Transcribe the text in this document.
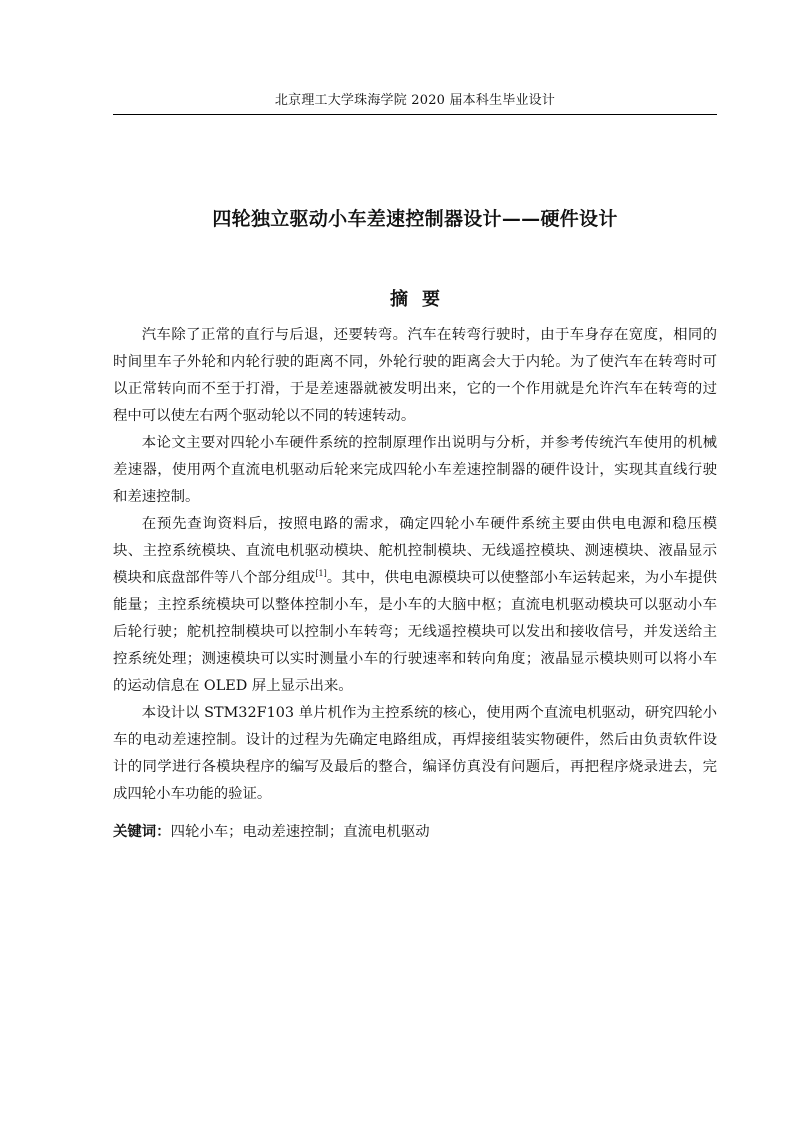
北京理工大学珠海学院 2020 届本科生毕业设计
四轮独立驱动小车差速控制器设计——硬件设计
摘要

汽车除了正常的直行与后退，还要转弯。汽车在转弯行驶时，由于车身存在宽度，相同的时间里车子外轮和内轮行驶的距离不同，外轮行驶的距离会大于内轮。为了使汽车在转弯时可以正常转向而不至于打滑，于是差速器就被发明出来，它的一个作用就是允许汽车在转弯的过程中可以使左右两个驱动轮以不同的转速转动。

本论文主要对四轮小车硬件系统的控制原理作出说明与分析，并参考传统汽车使用的机械差速器，使用两个直流电机驱动后轮来完成四轮小车差速控制器的硬件设计，实现其直线行驶和差速控制。

在预先查询资料后，按照电路的需求，确定四轮小车硬件系统主要由供电电源和稳压模块、主控系统模块、直流电机驱动模块、舵机控制模块、无线遥控模块、测速模块、液晶显示模块和底盘部件等八个部分组成[1]。其中，供电电源模块可以使整部小车运转起来，为小车提供能量；主控系统模块可以整体控制小车，是小车的大脑中枢；直流电机驱动模块可以驱动小车后轮行驶；舵机控制模块可以控制小车转弯；无线遥控模块可以发出和接收信号，并发送给主控系统处理；测速模块可以实时测量小车的行驶速率和转向角度；液晶显示模块则可以将小车的运动信息在 OLED 屏上显示出来。

本设计以 STM32F103 单片机作为主控系统的核心，使用两个直流电机驱动，研究四轮小车的电动差速控制。设计的过程为先确定电路组成，再焊接组装实物硬件，然后由负责软件设计的同学进行各模块程序的编写及最后的整合，编译仿真没有问题后，再把程序烧录进去，完成四轮小车功能的验证。

关键词：四轮小车；电动差速控制；直流电机驱动
